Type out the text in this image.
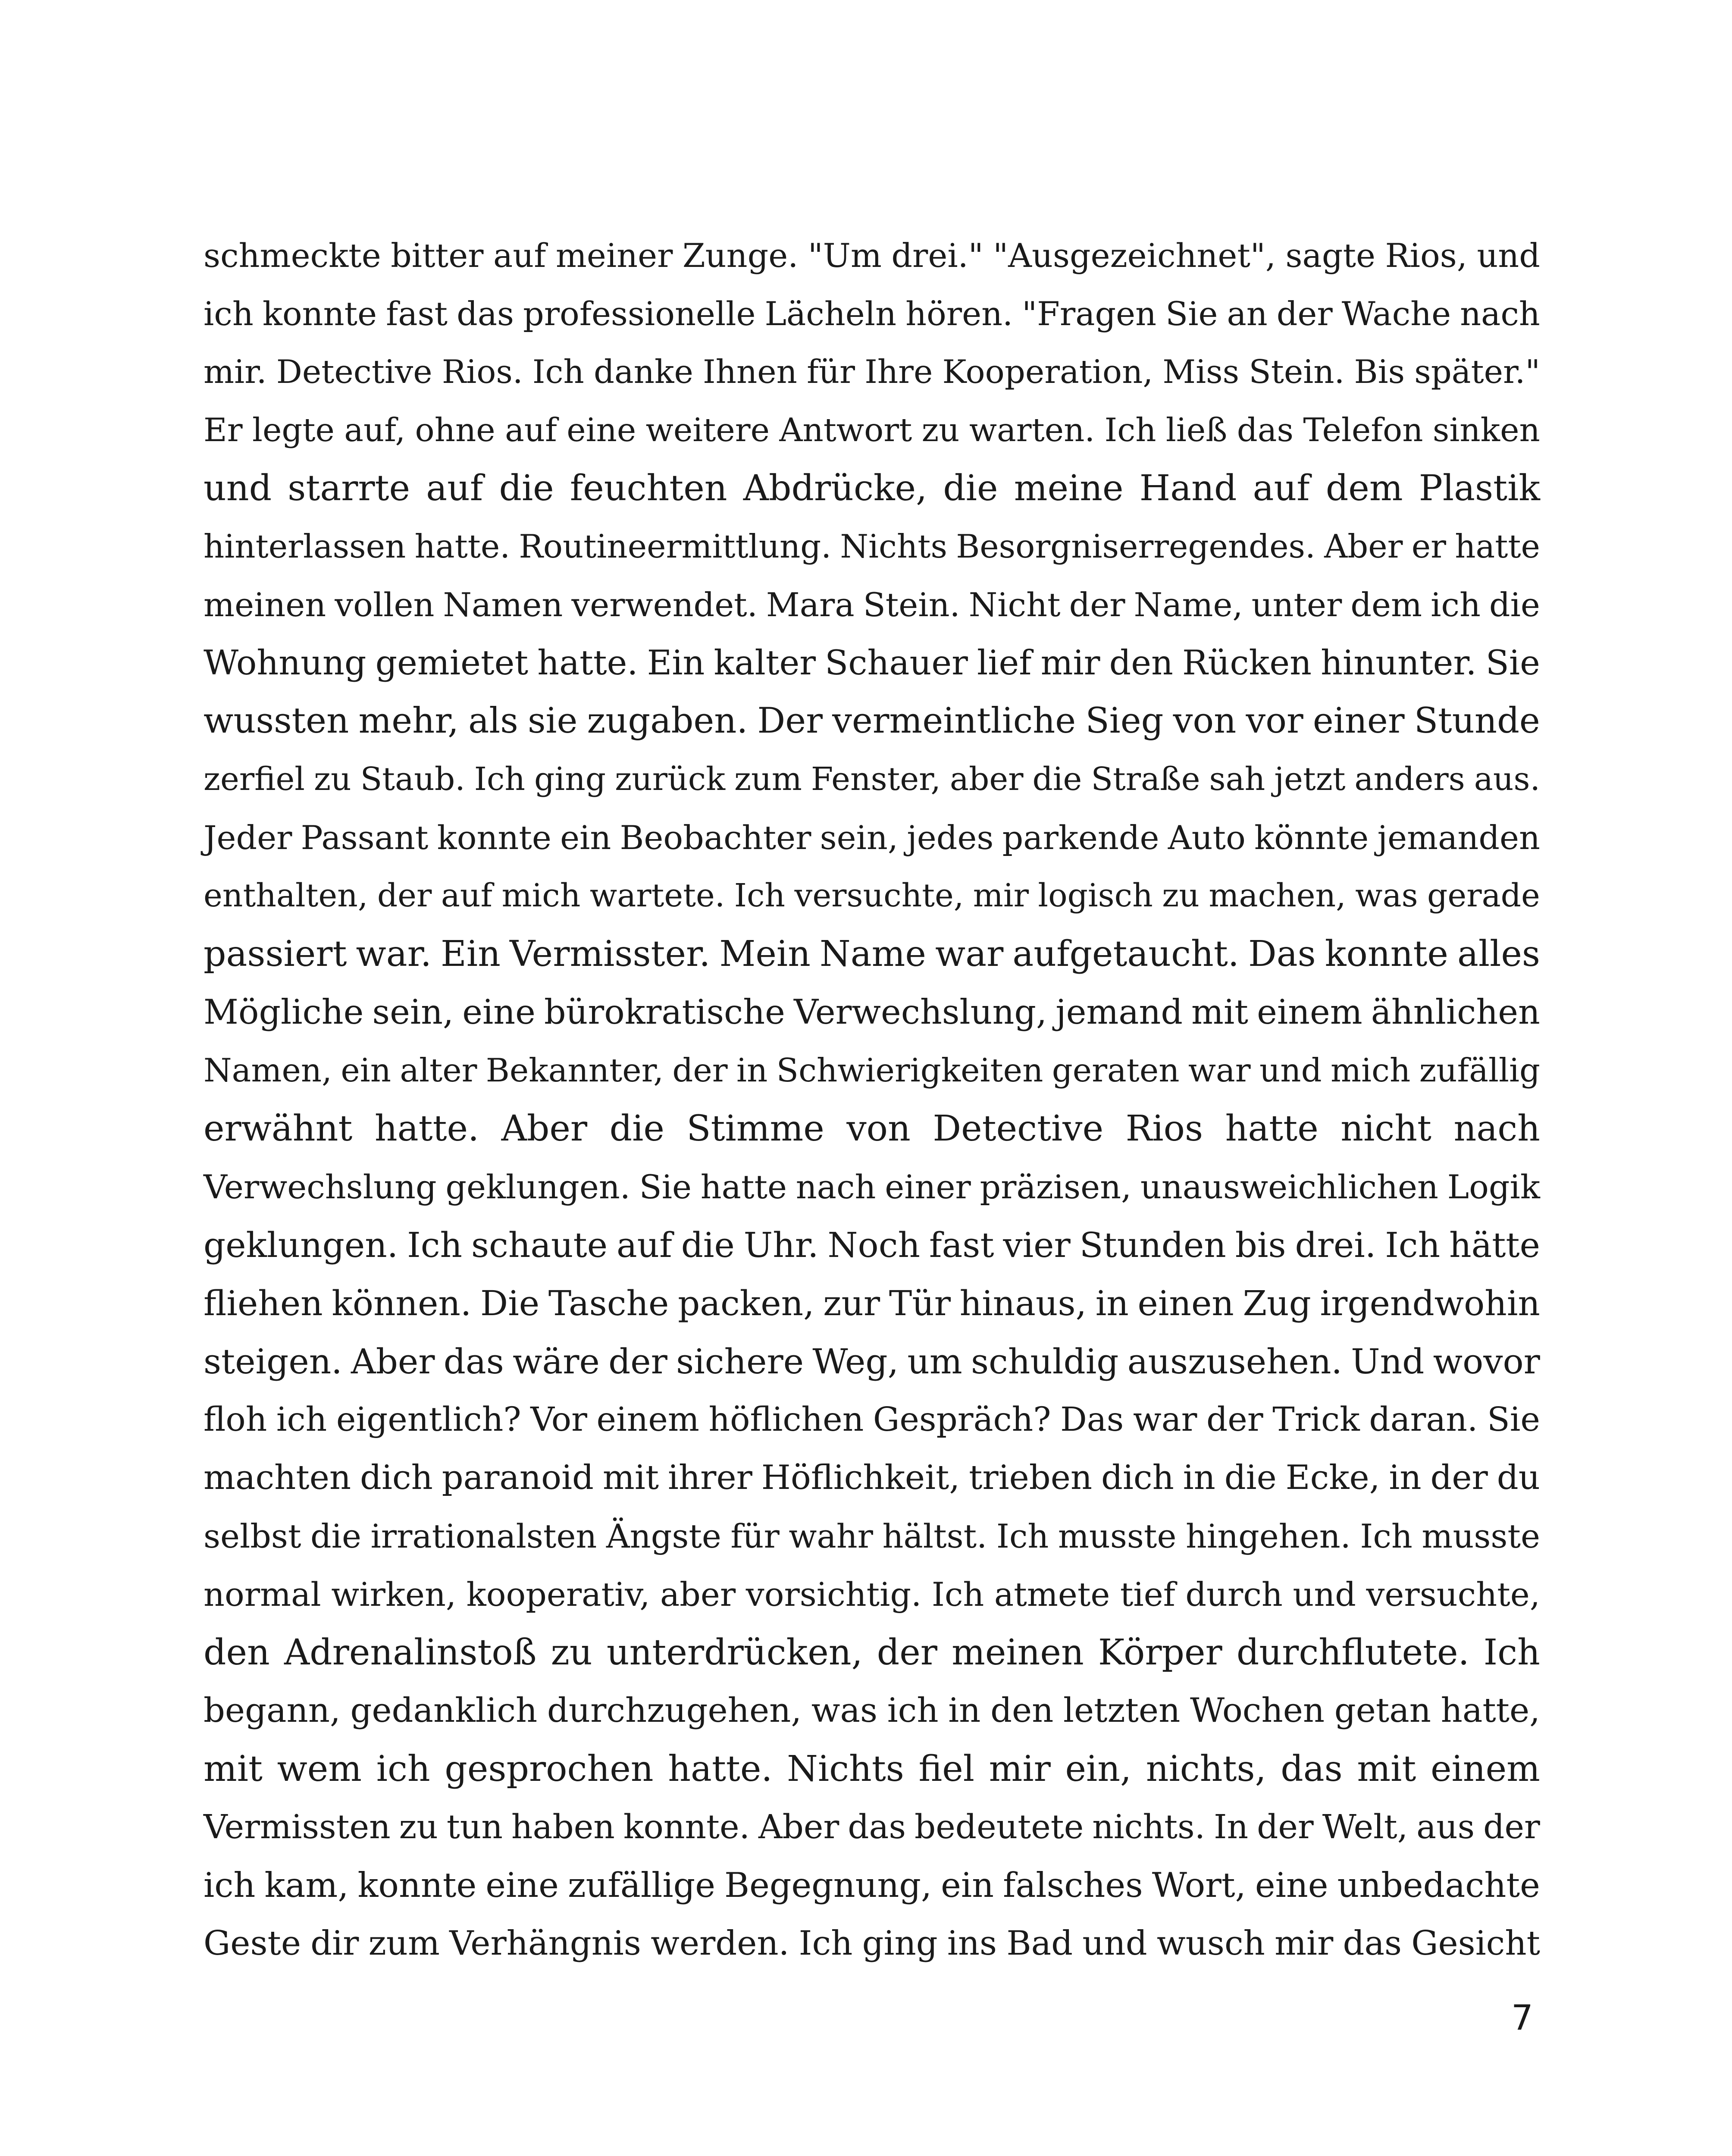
schmeckte bitter auf meiner Zunge. "Um drei." "Ausgezeichnet", sagte Rios, und
ich konnte fast das professionelle Lächeln hören. "Fragen Sie an der Wache nach
mir. Detective Rios. Ich danke Ihnen für Ihre Kooperation, Miss Stein. Bis später."
Er legte auf, ohne auf eine weitere Antwort zu warten. Ich ließ das Telefon sinken
und starrte auf die feuchten Abdrücke, die meine Hand auf dem Plastik
hinterlassen hatte. Routineermittlung. Nichts Besorgniserregendes. Aber er hatte
meinen vollen Namen verwendet. Mara Stein. Nicht der Name, unter dem ich die
Wohnung gemietet hatte. Ein kalter Schauer lief mir den Rücken hinunter. Sie
wussten mehr, als sie zugaben. Der vermeintliche Sieg von vor einer Stunde
zerfiel zu Staub. Ich ging zurück zum Fenster, aber die Straße sah jetzt anders aus.
Jeder Passant konnte ein Beobachter sein, jedes parkende Auto könnte jemanden
enthalten, der auf mich wartete. Ich versuchte, mir logisch zu machen, was gerade
passiert war. Ein Vermisster. Mein Name war aufgetaucht. Das konnte alles
Mögliche sein, eine bürokratische Verwechslung, jemand mit einem ähnlichen
Namen, ein alter Bekannter, der in Schwierigkeiten geraten war und mich zufällig
erwähnt hatte. Aber die Stimme von Detective Rios hatte nicht nach
Verwechslung geklungen. Sie hatte nach einer präzisen, unausweichlichen Logik
geklungen. Ich schaute auf die Uhr. Noch fast vier Stunden bis drei. Ich hätte
fliehen können. Die Tasche packen, zur Tür hinaus, in einen Zug irgendwohin
steigen. Aber das wäre der sichere Weg, um schuldig auszusehen. Und wovor
floh ich eigentlich? Vor einem höflichen Gespräch? Das war der Trick daran. Sie
machten dich paranoid mit ihrer Höflichkeit, trieben dich in die Ecke, in der du
selbst die irrationalsten Ängste für wahr hältst. Ich musste hingehen. Ich musste
normal wirken, kooperativ, aber vorsichtig. Ich atmete tief durch und versuchte,
den Adrenalinstoß zu unterdrücken, der meinen Körper durchflutete. Ich
begann, gedanklich durchzugehen, was ich in den letzten Wochen getan hatte,
mit wem ich gesprochen hatte. Nichts fiel mir ein, nichts, das mit einem
Vermissten zu tun haben konnte. Aber das bedeutete nichts. In der Welt, aus der
ich kam, konnte eine zufällige Begegnung, ein falsches Wort, eine unbedachte
Geste dir zum Verhängnis werden. Ich ging ins Bad und wusch mir das Gesicht
7
